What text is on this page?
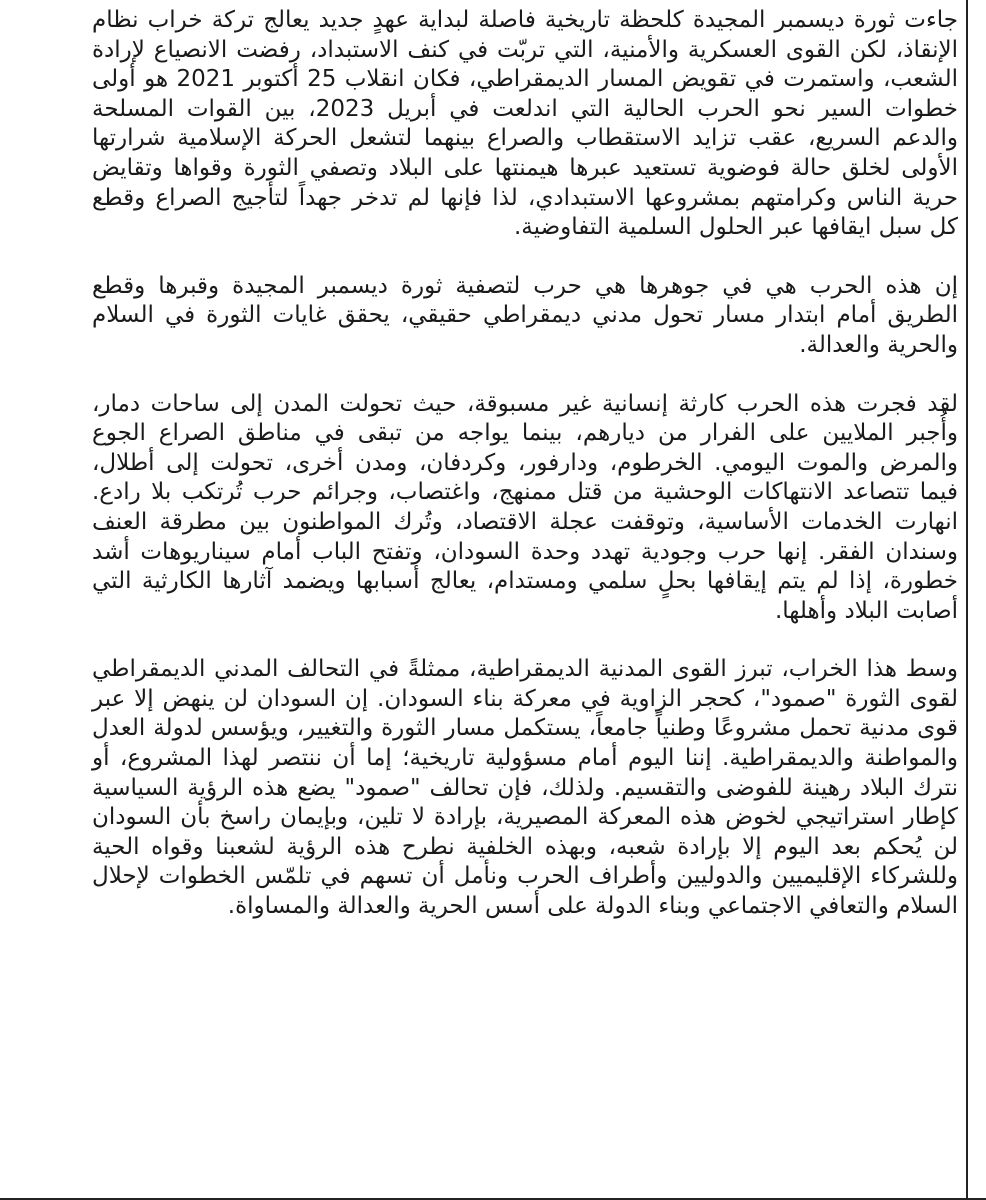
جاءت ثورة ديسمبر المجيدة كلحظة تاريخية فاصلة لبداية عهدٍ جديد يعالج تركة خراب نظام الإنقاذ، لكن القوى العسكرية والأمنية، التي تربّت في كنف الاستبداد، رفضت الانصياع لإرادة الشعب، واستمرت في تقويض المسار الديمقراطي، فكان انقلاب 25 أكتوبر 2021 هو أولى خطوات السير نحو الحرب الحالية التي اندلعت في أبريل 2023، بين القوات المسلحة والدعم السريع، عقب تزايد الاستقطاب والصراع بينهما لتشعل الحركة الإسلامية شرارتها الأولى لخلق حالة فوضوية تستعيد عبرها هيمنتها على البلاد وتصفي الثورة وقواها وتقايض حرية الناس وكرامتهم بمشروعها الاستبدادي، لذا فإنها لم تدخر جهداً لتأجيج الصراع وقطع كل سبل ايقافها عبر الحلول السلمية التفاوضية.

إن هذه الحرب هي في جوهرها هي حرب لتصفية ثورة ديسمبر المجيدة وقبرها وقطع الطريق أمام ابتدار مسار تحول مدني ديمقراطي حقيقي، يحقق غايات الثورة في السلام والحرية والعدالة.

لقد فجرت هذه الحرب كارثة إنسانية غير مسبوقة، حيث تحولت المدن إلى ساحات دمار، وأُجبر الملايين على الفرار من ديارهم، بينما يواجه من تبقى في مناطق الصراع الجوع والمرض والموت اليومي. الخرطوم، ودارفور، وكردفان، ومدن أخرى، تحولت إلى أطلال، فيما تتصاعد الانتهاكات الوحشية من قتل ممنهج، واغتصاب، وجرائم حرب تُرتكب بلا رادع. انهارت الخدمات الأساسية، وتوقفت عجلة الاقتصاد، وتُرك المواطنون بين مطرقة العنف وسندان الفقر. إنها حرب وجودية تهدد وحدة السودان، وتفتح الباب أمام سيناريوهات أشد خطورة، إذا لم يتم إيقافها بحلٍ سلمي ومستدام، يعالج أسبابها ويضمد آثارها الكارثية التي أصابت البلاد وأهلها.

وسط هذا الخراب، تبرز القوى المدنية الديمقراطية، ممثلةً في التحالف المدني الديمقراطي لقوى الثورة "صمود"، كحجر الزاوية في معركة بناء السودان. إن السودان لن ينهض إلا عبر قوى مدنية تحمل مشروعًا وطنياً جامعاً، يستكمل مسار الثورة والتغيير، ويؤسس لدولة العدل والمواطنة والديمقراطية. إننا اليوم أمام مسؤولية تاريخية؛ إما أن ننتصر لهذا المشروع، أو نترك البلاد رهينة للفوضى والتقسيم. ولذلك، فإن تحالف "صمود" يضع هذه الرؤية السياسية كإطار استراتيجي لخوض هذه المعركة المصيرية، بإرادة لا تلين، وبإيمان راسخ بأن السودان لن يُحكم بعد اليوم إلا بإرادة شعبه، وبهذه الخلفية نطرح هذه الرؤية لشعبنا وقواه الحية وللشركاء الإقليميين والدوليين وأطراف الحرب ونأمل أن تسهم في تلمّس الخطوات لإحلال السلام والتعافي الاجتماعي وبناء الدولة على أسس الحرية والعدالة والمساواة.
